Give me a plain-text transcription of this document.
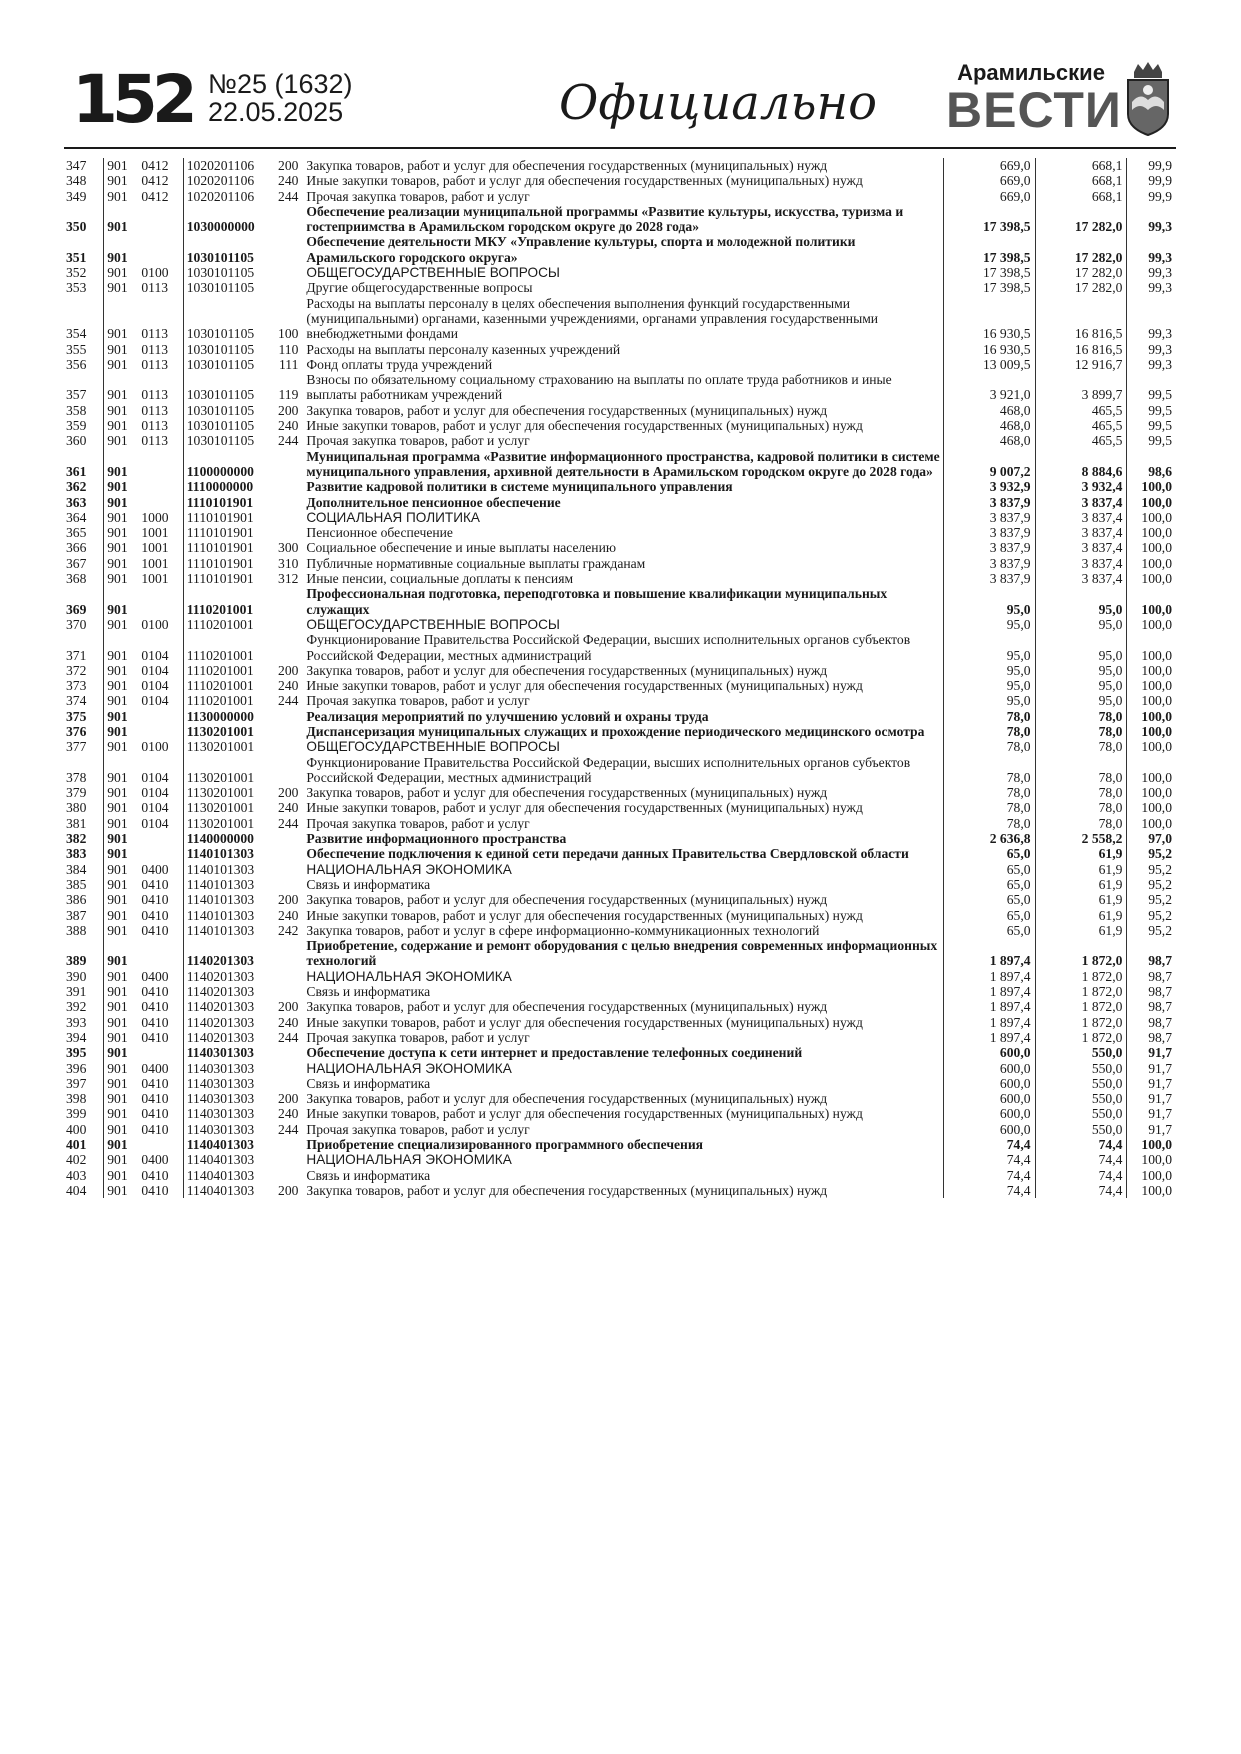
152 №25 (1632)
22.05.2025	Официально
Арамильские
ВЕСТИ
347	901	0412	1020201106	200	Закупка товаров, работ и услуг для обеспечения государственных (муниципальных) нужд	669,0	668,1	99,9
348	901	0412	1020201106	240	Иные закупки товаров, работ и услуг для обеспечения государственных (муниципальных) нужд	669,0	668,1	99,9
349	901	0412	1020201106	244	Прочая закупка товаров, работ и услуг	669,0	668,1	99,9
350	901		1030000000		Обеспечение реализации муниципальной программы «Развитие культуры, искусства, туризма и гостеприимства в Арамильском городском округе до 2028 года»	17 398,5	17 282,0	99,3
351	901		1030101105		Обеспечение деятельности МКУ «Управление культуры, спорта и молодежной политики Арамильского городского округа»	17 398,5	17 282,0	99,3
352	901	0100	1030101105		ОБЩЕГОСУДАРСТВЕННЫЕ ВОПРОСЫ	17 398,5	17 282,0	99,3
353	901	0113	1030101105		Другие общегосударственные вопросы	17 398,5	17 282,0	99,3
354	901	0113	1030101105	100	Расходы на выплаты персоналу в целях обеспечения выполнения функций государственными (муниципальными) органами, казенными учреждениями, органами управления государственными внебюджетными фондами	16 930,5	16 816,5	99,3
355	901	0113	1030101105	110	Расходы на выплаты персоналу казенных учреждений	16 930,5	16 816,5	99,3
356	901	0113	1030101105	111	Фонд оплаты труда учреждений	13 009,5	12 916,7	99,3
357	901	0113	1030101105	119	Взносы по обязательному социальному страхованию на выплаты по оплате труда работников и иные выплаты работникам учреждений	3 921,0	3 899,7	99,5
358	901	0113	1030101105	200	Закупка товаров, работ и услуг для обеспечения государственных (муниципальных) нужд	468,0	465,5	99,5
359	901	0113	1030101105	240	Иные закупки товаров, работ и услуг для обеспечения государственных (муниципальных) нужд	468,0	465,5	99,5
360	901	0113	1030101105	244	Прочая закупка товаров, работ и услуг	468,0	465,5	99,5
361	901		1100000000		Муниципальная программа «Развитие информационного пространства, кадровой политики в системе муниципального управления, архивной деятельности в Арамильском городском округе до 2028 года»	9 007,2	8 884,6	98,6
362	901		1110000000		Развитие кадровой политики в системе муниципального управления	3 932,9	3 932,4	100,0
363	901		1110101901		Дополнительное пенсионное обеспечение	3 837,9	3 837,4	100,0
364	901	1000	1110101901		СОЦИАЛЬНАЯ ПОЛИТИКА	3 837,9	3 837,4	100,0
365	901	1001	1110101901		Пенсионное обеспечение	3 837,9	3 837,4	100,0
366	901	1001	1110101901	300	Социальное обеспечение и иные выплаты населению	3 837,9	3 837,4	100,0
367	901	1001	1110101901	310	Публичные нормативные социальные выплаты гражданам	3 837,9	3 837,4	100,0
368	901	1001	1110101901	312	Иные пенсии, социальные доплаты к пенсиям	3 837,9	3 837,4	100,0
369	901		1110201001		Профессиональная подготовка, переподготовка и повышение квалификации муниципальных служащих	95,0	95,0	100,0
370	901	0100	1110201001		ОБЩЕГОСУДАРСТВЕННЫЕ ВОПРОСЫ	95,0	95,0	100,0
371	901	0104	1110201001		Функционирование Правительства Российской Федерации, высших исполнительных органов субъектов Российской Федерации, местных администраций	95,0	95,0	100,0
372	901	0104	1110201001	200	Закупка товаров, работ и услуг для обеспечения государственных (муниципальных) нужд	95,0	95,0	100,0
373	901	0104	1110201001	240	Иные закупки товаров, работ и услуг для обеспечения государственных (муниципальных) нужд	95,0	95,0	100,0
374	901	0104	1110201001	244	Прочая закупка товаров, работ и услуг	95,0	95,0	100,0
375	901		1130000000		Реализация мероприятий по улучшению условий и охраны труда	78,0	78,0	100,0
376	901		1130201001		Диспансеризация муниципальных служащих и прохождение периодического медицинского осмотра	78,0	78,0	100,0
377	901	0100	1130201001		ОБЩЕГОСУДАРСТВЕННЫЕ ВОПРОСЫ	78,0	78,0	100,0
378	901	0104	1130201001		Функционирование Правительства Российской Федерации, высших исполнительных органов субъектов Российской Федерации, местных администраций	78,0	78,0	100,0
379	901	0104	1130201001	200	Закупка товаров, работ и услуг для обеспечения государственных (муниципальных) нужд	78,0	78,0	100,0
380	901	0104	1130201001	240	Иные закупки товаров, работ и услуг для обеспечения государственных (муниципальных) нужд	78,0	78,0	100,0
381	901	0104	1130201001	244	Прочая закупка товаров, работ и услуг	78,0	78,0	100,0
382	901		1140000000		Развитие информационного пространства	2 636,8	2 558,2	97,0
383	901		1140101303		Обеспечение подключения к единой сети передачи данных Правительства Свердловской области	65,0	61,9	95,2
384	901	0400	1140101303		НАЦИОНАЛЬНАЯ ЭКОНОМИКА	65,0	61,9	95,2
385	901	0410	1140101303		Связь и информатика	65,0	61,9	95,2
386	901	0410	1140101303	200	Закупка товаров, работ и услуг для обеспечения государственных (муниципальных) нужд	65,0	61,9	95,2
387	901	0410	1140101303	240	Иные закупки товаров, работ и услуг для обеспечения государственных (муниципальных) нужд	65,0	61,9	95,2
388	901	0410	1140101303	242	Закупка товаров, работ и услуг в сфере информационно-коммуникационных технологий	65,0	61,9	95,2
389	901		1140201303		Приобретение, содержание и ремонт оборудования с целью внедрения современных информационных технологий	1 897,4	1 872,0	98,7
390	901	0400	1140201303		НАЦИОНАЛЬНАЯ ЭКОНОМИКА	1 897,4	1 872,0	98,7
391	901	0410	1140201303		Связь и информатика	1 897,4	1 872,0	98,7
392	901	0410	1140201303	200	Закупка товаров, работ и услуг для обеспечения государственных (муниципальных) нужд	1 897,4	1 872,0	98,7
393	901	0410	1140201303	240	Иные закупки товаров, работ и услуг для обеспечения государственных (муниципальных) нужд	1 897,4	1 872,0	98,7
394	901	0410	1140201303	244	Прочая закупка товаров, работ и услуг	1 897,4	1 872,0	98,7
395	901		1140301303		Обеспечение доступа к сети интернет и предоставление телефонных соединений	600,0	550,0	91,7
396	901	0400	1140301303		НАЦИОНАЛЬНАЯ ЭКОНОМИКА	600,0	550,0	91,7
397	901	0410	1140301303		Связь и информатика	600,0	550,0	91,7
398	901	0410	1140301303	200	Закупка товаров, работ и услуг для обеспечения государственных (муниципальных) нужд	600,0	550,0	91,7
399	901	0410	1140301303	240	Иные закупки товаров, работ и услуг для обеспечения государственных (муниципальных) нужд	600,0	550,0	91,7
400	901	0410	1140301303	244	Прочая закупка товаров, работ и услуг	600,0	550,0	91,7
401	901		1140401303		Приобретение специализированного программного обеспечения	74,4	74,4	100,0
402	901	0400	1140401303		НАЦИОНАЛЬНАЯ ЭКОНОМИКА	74,4	74,4	100,0
403	901	0410	1140401303		Связь и информатика	74,4	74,4	100,0
404	901	0410	1140401303	200	Закупка товаров, работ и услуг для обеспечения государственных (муниципальных) нужд	74,4	74,4	100,0
